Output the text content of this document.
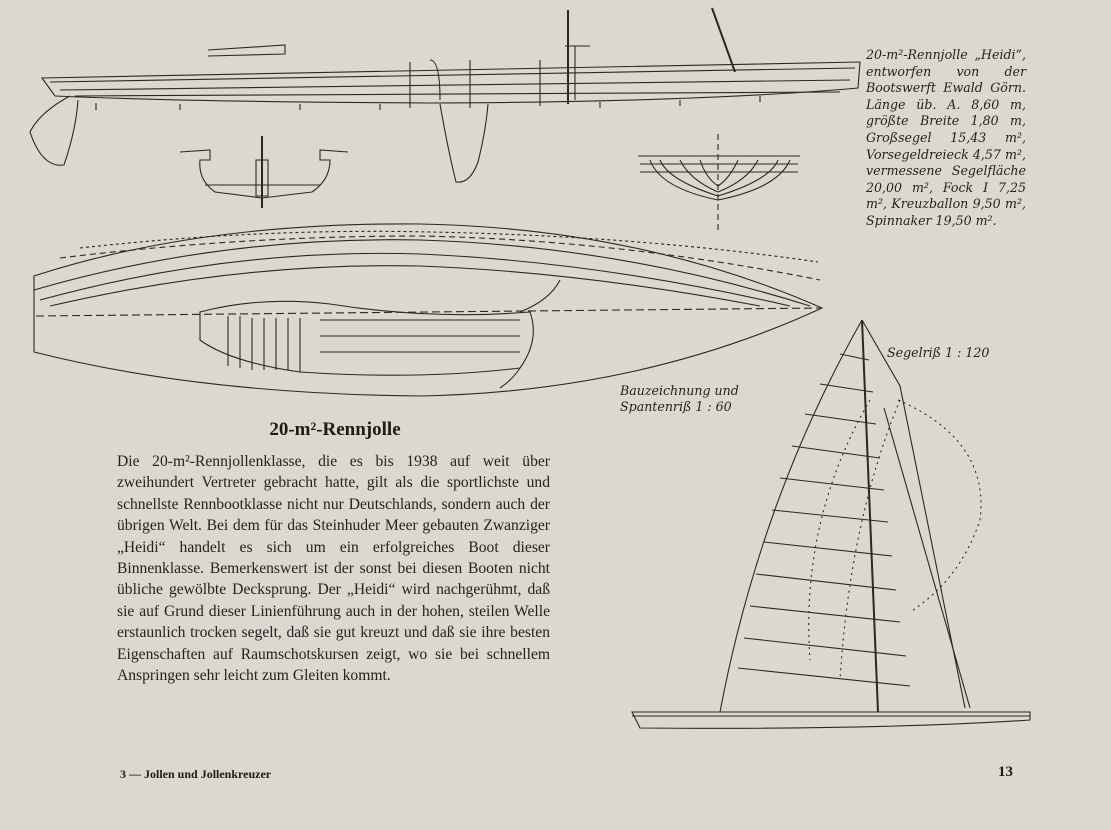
20-m²-Rennjolle „Heidi“, entworfen von der Bootswerft Ewald Görn. Länge üb. A. 8,60 m, größte Breite 1,80 m, Großsegel 15,43 m², Vorsegeldreieck 4,57 m², vermessene Segelfläche 20,00 m², Fock I 7,25 m², Kreuzballon 9,50 m², Spinnaker 19,50 m².
Bauzeichnung und Spantenriß 1 : 60
Segelriß 1 : 120
20-m²-Rennjolle
Die 20-m²-Rennjollenklasse, die es bis 1938 auf weit über zweihundert Vertreter gebracht hatte, gilt als die sportlichste und schnellste Rennbootklasse nicht nur Deutschlands, sondern auch der übrigen Welt. Bei dem für das Steinhuder Meer gebauten Zwanziger „Heidi“ handelt es sich um ein erfolgreiches Boot dieser Binnenklasse. Bemerkenswert ist der sonst bei diesen Booten nicht übliche gewölbte Decksprung. Der „Heidi“ wird nachgerühmt, daß sie auf Grund dieser Linienführung auch in der hohen, steilen Welle erstaunlich trocken segelt, daß sie gut kreuzt und daß sie ihre besten Eigenschaften auf Raumschotskursen zeigt, wo sie bei schnellem Anspringen sehr leicht zum Gleiten kommt.
3 — Jollen und Jollenkreuzer	13
